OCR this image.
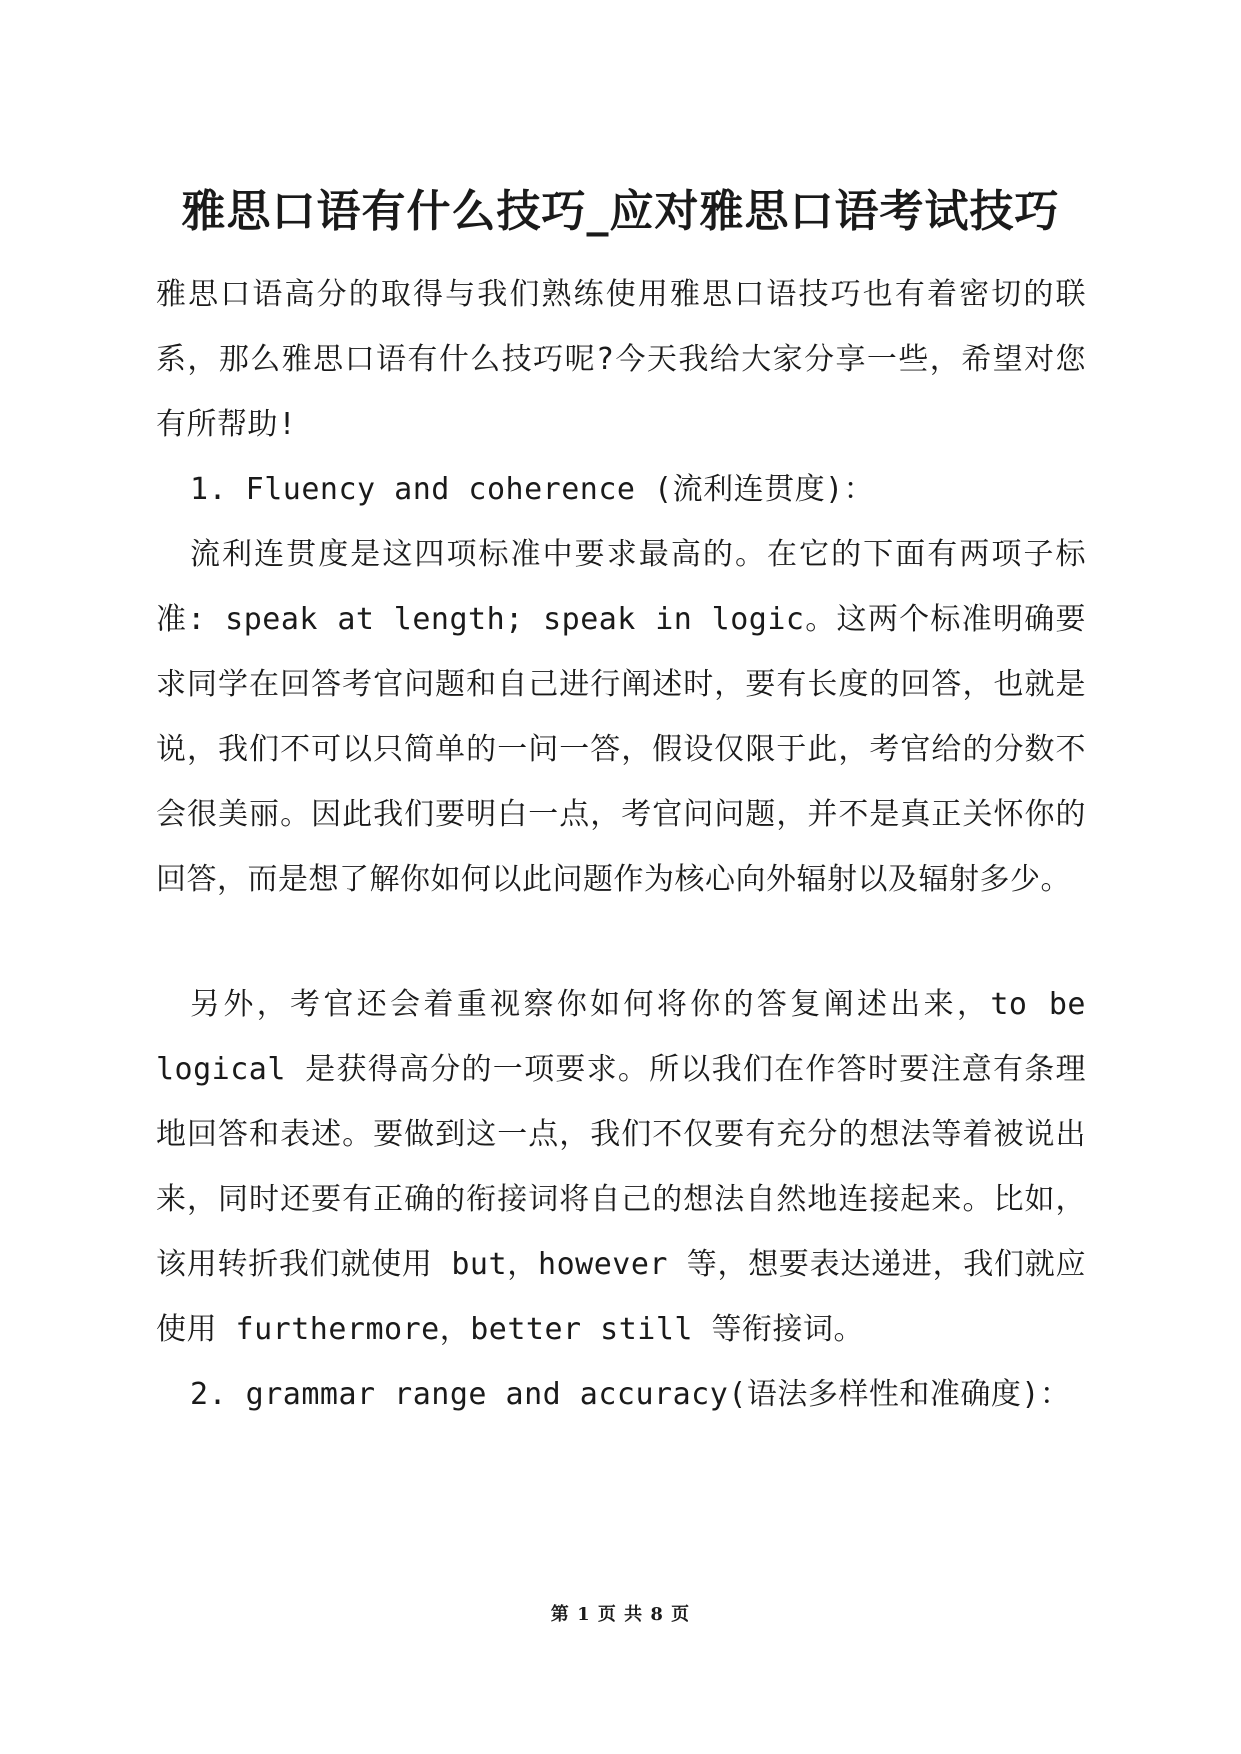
雅思口语有什么技巧_应对雅思口语考试技巧

雅思口语高分的取得与我们熟练使用雅思口语技巧也有着密切的联系，那么雅思口语有什么技巧呢?今天我给大家分享一些，希望对您有所帮助!

1. Fluency and coherence (流利连贯度)：

流利连贯度是这四项标准中要求最高的。在它的下面有两项子标准: speak at length; speak in logic。这两个标准明确要求同学在回答考官问题和自己进行阐述时，要有长度的回答，也就是说，我们不可以只简单的一问一答，假设仅限于此，考官给的分数不会很美丽。因此我们要明白一点，考官问问题，并不是真正关怀你的回答，而是想了解你如何以此问题作为核心向外辐射以及辐射多少。

另外，考官还会着重视察你如何将你的答复阐述出来，to be logical 是获得高分的一项要求。所以我们在作答时要注意有条理地回答和表述。要做到这一点，我们不仅要有充分的想法等着被说出来，同时还要有正确的衔接词将自己的想法自然地连接起来。比如，该用转折我们就使用 but，however 等，想要表达递进，我们就应使用 furthermore，better still 等衔接词。

2. grammar range and accuracy(语法多样性和准确度)：

第 1 页 共 8 页
